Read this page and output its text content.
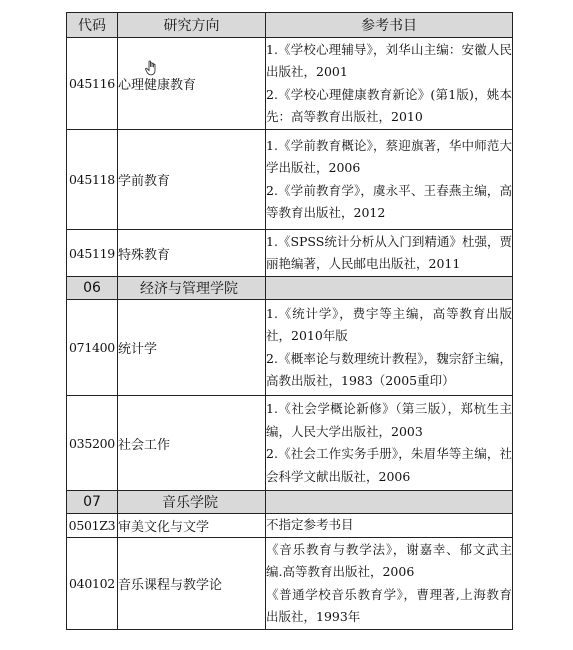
代码	研究方向	参考书目
045116	心理健康教育	1.《学校心理辅导》，刘华山主编：安徽人民出版社，2001
2.《学校心理健康教育新论》(第1版)，姚本先：高等教育出版社，2010

045118	学前教育	1.《学前教育概论》，蔡迎旗著，华中师范大学出版社，2006
2.《学前教育学》，虞永平、王春燕主编，高等教育出版社，2012

045119	特殊教育	1.《SPSS统计分析从入门到精通》杜强，贾丽艳编著，人民邮电出版社，2011

06	经济与管理学院	
071400	统计学	1.《统计学》，费宇等主编，高等教育出版社，2010年版
2.《概率论与数理统计教程》，魏宗舒主编，高教出版社，1983（2005重印）

035200	社会工作	1.《社会学概论新修》（第三版），郑杭生主编，人民大学出版社，2003
2.《社会工作实务手册》，朱眉华等主编，社会科学文献出版社，2006

07	音乐学院	
0501Z3	审美文化与文学	不指定参考书目

040102	音乐课程与教学论	《音乐教育与教学法》，谢嘉幸、郁文武主编.高等教育出版社，2006
《普通学校音乐教育学》，曹理著,上海教育出版社，1993年
